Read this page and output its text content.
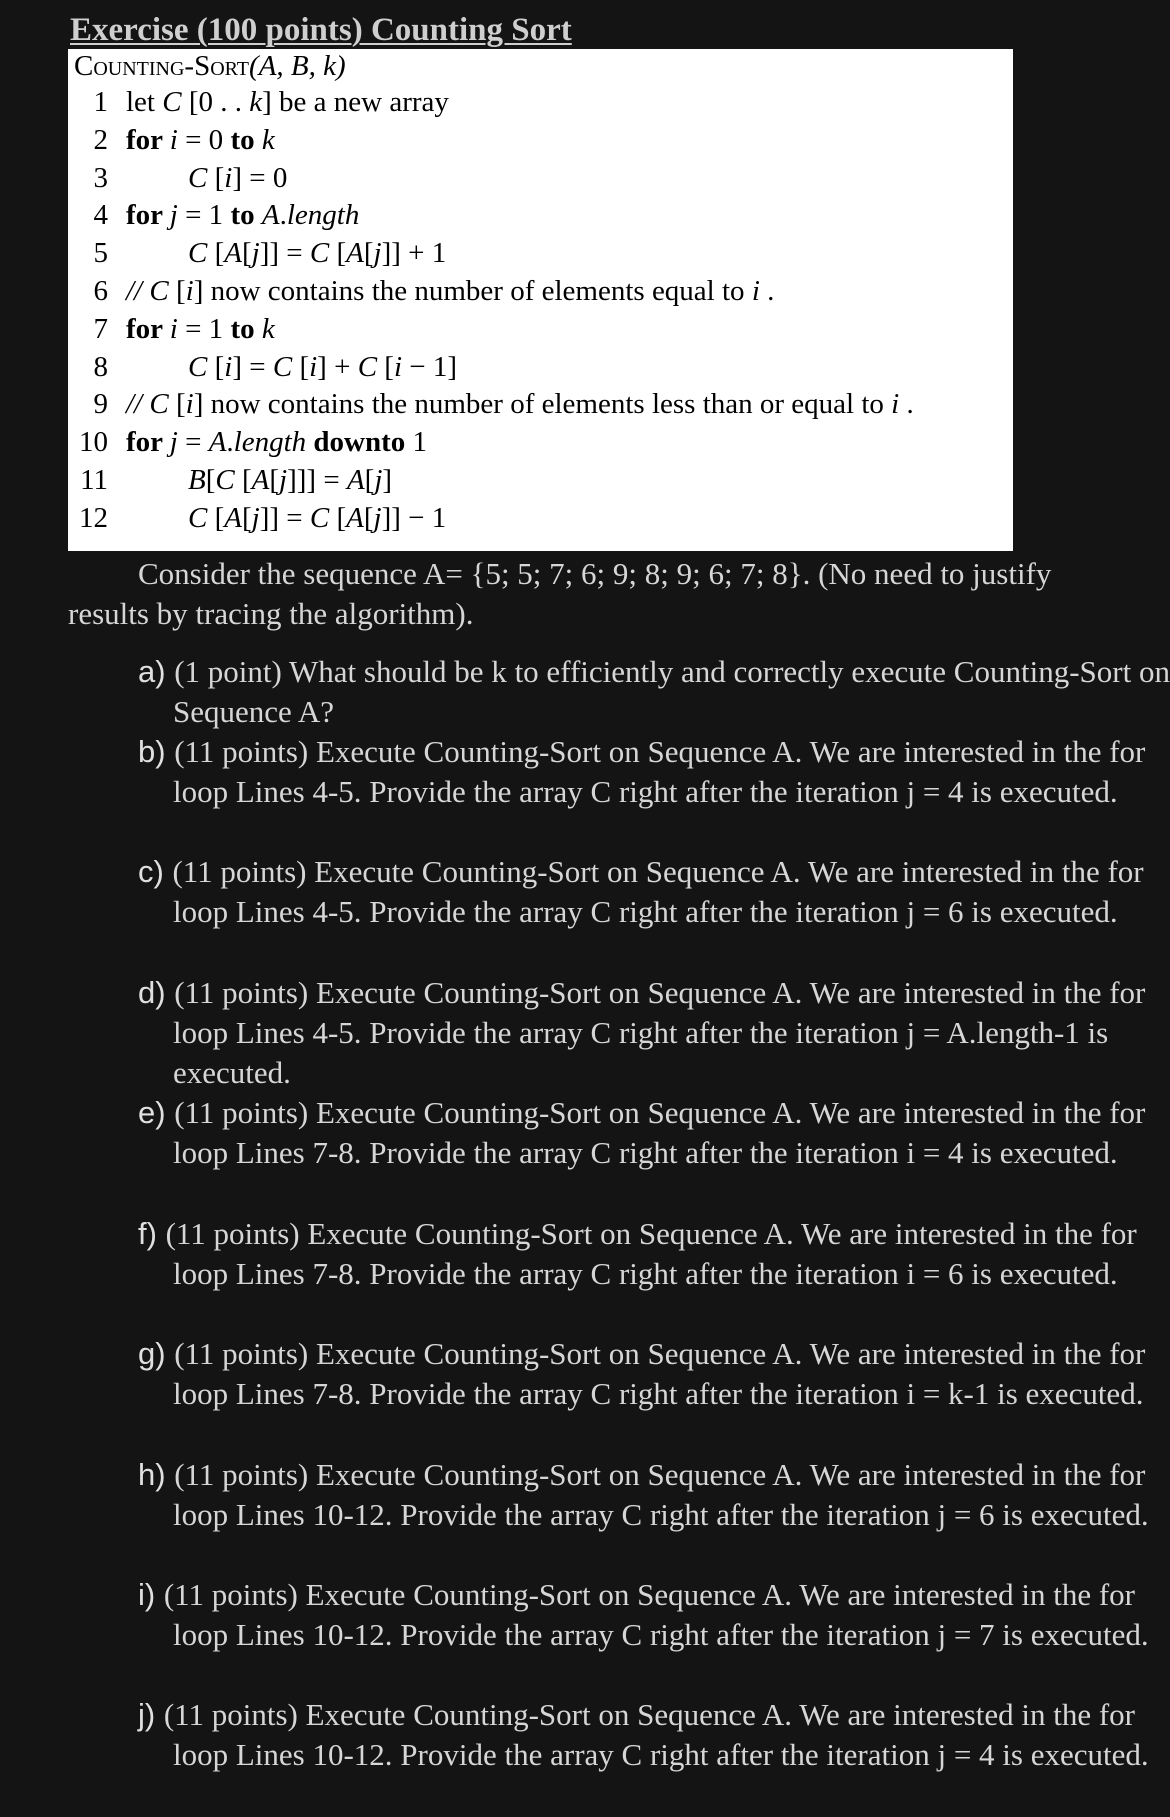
Exercise (100 points) Counting Sort
Counting-Sort(A, B, k)
1 let C [0 . . k] be a new array
2 for i = 0 to k
3	C [i] = 0
4 for j = 1 to A.length
5	C [A[j]] = C [A[j]] + 1
6 // C [i] now contains the number of elements equal to i .
7 for i = 1 to k
8	C [i] = C [i] + C [i − 1]
9 // C [i] now contains the number of elements less than or equal to i .
10 for j = A.length downto 1
11	B[C [A[j]]] = A[j]
12	C [A[j]] = C [A[j]] − 1

Consider the sequence A= {5; 5; 7; 6; 9; 8; 9; 6; 7; 8}. (No need to justify results by tracing the algorithm).

a) (1 point) What should be k to efficiently and correctly execute Counting-Sort on Sequence A?

b) (11 points) Execute Counting-Sort on Sequence A. We are interested in the for loop Lines 4-5. Provide the array C right after the iteration j = 4 is executed.

c) (11 points) Execute Counting-Sort on Sequence A. We are interested in the for loop Lines 4-5. Provide the array C right after the iteration j = 6 is executed.

d) (11 points) Execute Counting-Sort on Sequence A. We are interested in the for loop Lines 4-5. Provide the array C right after the iteration j = A.length-1 is executed.

e) (11 points) Execute Counting-Sort on Sequence A. We are interested in the for loop Lines 7-8. Provide the array C right after the iteration i = 4 is executed.

f) (11 points) Execute Counting-Sort on Sequence A. We are interested in the for loop Lines 7-8. Provide the array C right after the iteration i = 6 is executed.

g) (11 points) Execute Counting-Sort on Sequence A. We are interested in the for loop Lines 7-8. Provide the array C right after the iteration i = k-1 is executed.

h) (11 points) Execute Counting-Sort on Sequence A. We are interested in the for loop Lines 10-12. Provide the array C right after the iteration j = 6 is executed.

i) (11 points) Execute Counting-Sort on Sequence A. We are interested in the for loop Lines 10-12. Provide the array C right after the iteration j = 7 is executed.

j) (11 points) Execute Counting-Sort on Sequence A. We are interested in the for loop Lines 10-12. Provide the array C right after the iteration j = 4 is executed.
